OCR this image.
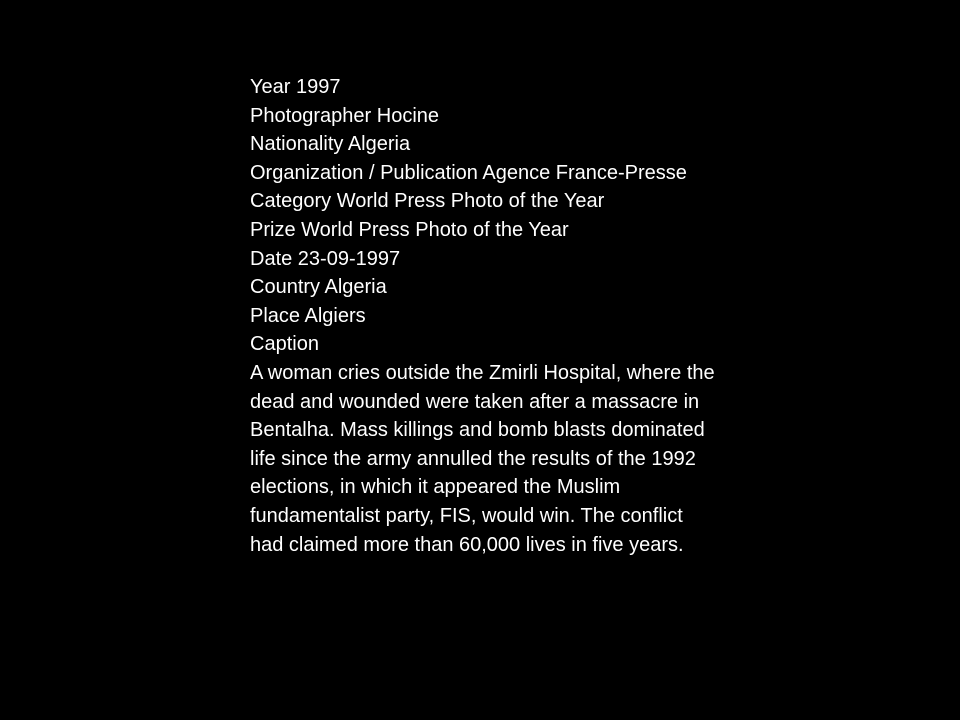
Year 1997
Photographer Hocine
Nationality Algeria
Organization / Publication Agence France-Presse
Category World Press Photo of the Year
Prize World Press Photo of the Year
Date 23-09-1997
Country Algeria
Place Algiers
Caption
A woman cries outside the Zmirli Hospital, where the dead and wounded were taken after a massacre in Bentalha. Mass killings and bomb blasts dominated life since the army annulled the results of the 1992 elections, in which it appeared the Muslim fundamentalist party, FIS, would win. The conflict had claimed more than 60,000 lives in five years.
